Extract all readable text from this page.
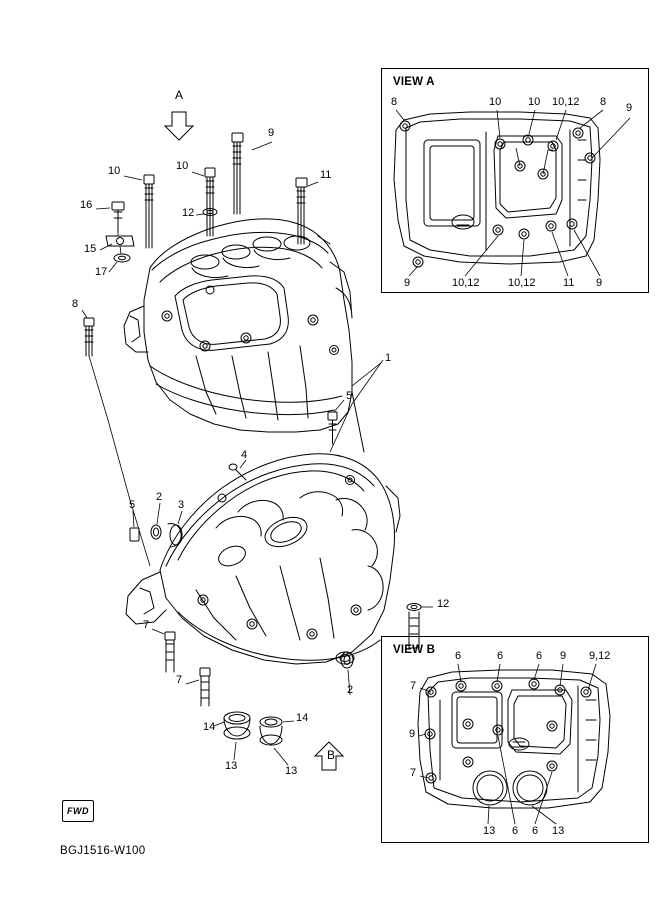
VIEW A
VIEW B
A
B
9
10	10
11
16
12
15
17
8
1
5
4
5
2
3
12
7
7
2
14
14
13	13
8	10 10 10,12 8 9
9	10,12	10,12 11 9
6	6	6 9 9,12
7
9
7
13 6 6 13
FWD
BGJ1516-W100
